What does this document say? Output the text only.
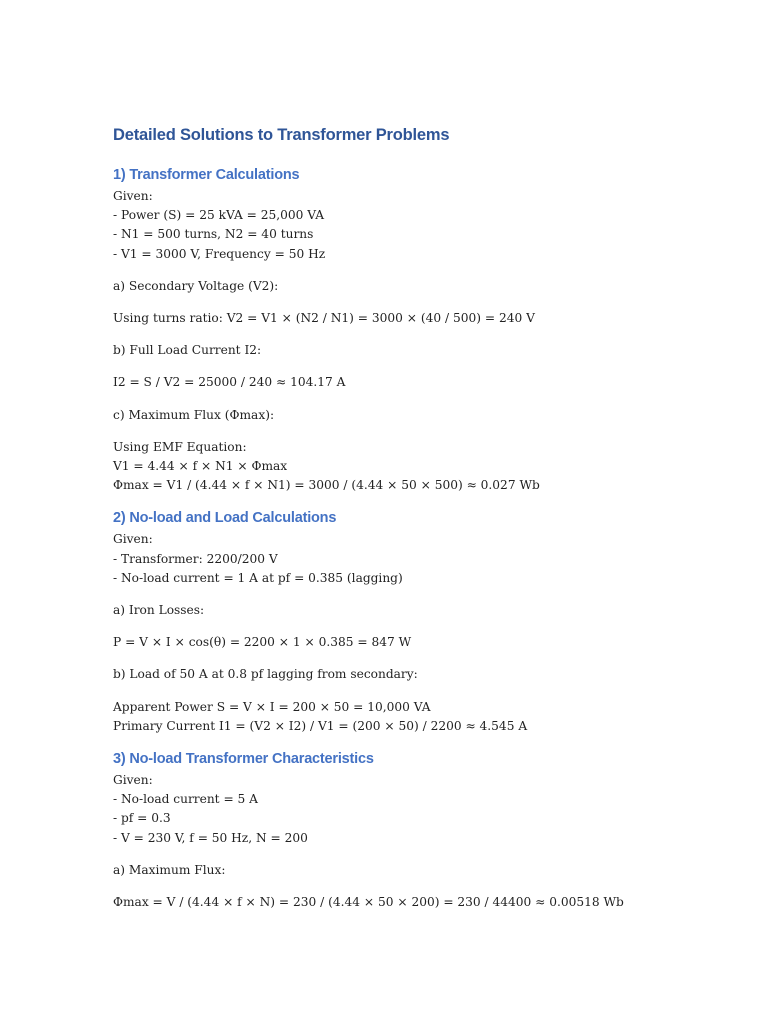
Detailed Solutions to Transformer Problems
1) Transformer Calculations

Given:

- Power (S) = 25 kVA = 25,000 VA

- N1 = 500 turns, N2 = 40 turns

- V1 = 3000 V, Frequency = 50 Hz

a) Secondary Voltage (V2):

Using turns ratio: V2 = V1 × (N2 / N1) = 3000 × (40 / 500) = 240 V

b) Full Load Current I2:

I2 = S / V2 = 25000 / 240 ≈ 104.17 A

c) Maximum Flux (Φmax):

Using EMF Equation:

V1 = 4.44 × f × N1 × Φmax

Φmax = V1 / (4.44 × f × N1) = 3000 / (4.44 × 50 × 500) ≈ 0.027 Wb

2) No-load and Load Calculations

Given:

- Transformer: 2200/200 V

- No-load current = 1 A at pf = 0.385 (lagging)

a) Iron Losses:

P = V × I × cos(θ) = 2200 × 1 × 0.385 = 847 W

b) Load of 50 A at 0.8 pf lagging from secondary:

Apparent Power S = V × I = 200 × 50 = 10,000 VA

Primary Current I1 = (V2 × I2) / V1 = (200 × 50) / 2200 ≈ 4.545 A

3) No-load Transformer Characteristics

Given:

- No-load current = 5 A

- pf = 0.3

- V = 230 V, f = 50 Hz, N = 200

a) Maximum Flux:

Φmax = V / (4.44 × f × N) = 230 / (4.44 × 50 × 200) = 230 / 44400 ≈ 0.00518 Wb
